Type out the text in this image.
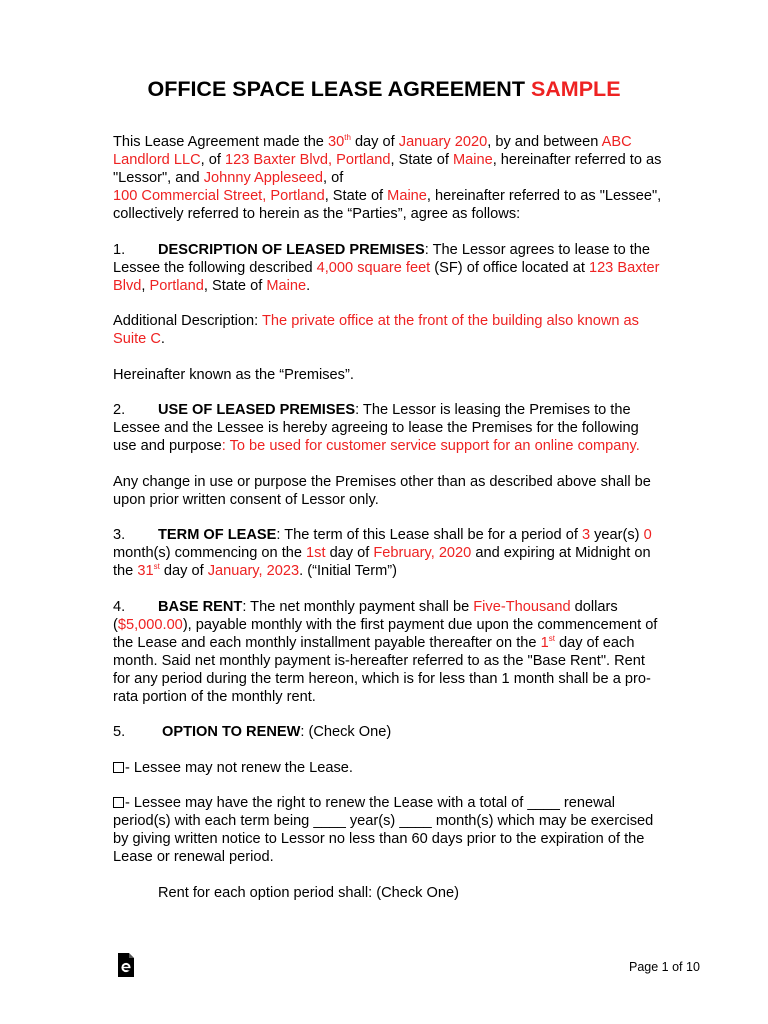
OFFICE SPACE LEASE AGREEMENT SAMPLE

This Lease Agreement made the 30th day of January 2020, by and between ABC Landlord LLC, of 123 Baxter Blvd, Portland, State of Maine, hereinafter referred to as "Lessor", and Johnny Appleseed, of
100 Commercial Street, Portland, State of Maine, hereinafter referred to as "Lessee", collectively referred to herein as the “Parties”, agree as follows:

1. DESCRIPTION OF LEASED PREMISES: The Lessor agrees to lease to the Lessee the following described 4,000 square feet (SF) of office located at 123 Baxter Blvd, Portland, State of Maine.

Additional Description: The private office at the front of the building also known as Suite C.

Hereinafter known as the “Premises”.

2. USE OF LEASED PREMISES: The Lessor is leasing the Premises to the Lessee and the Lessee is hereby agreeing to lease the Premises for the following use and purpose: To be used for customer service support for an online company.

Any change in use or purpose the Premises other than as described above shall be upon prior written consent of Lessor only.

3. TERM OF LEASE: The term of this Lease shall be for a period of 3 year(s) 0 month(s) commencing on the 1st day of February, 2020 and expiring at Midnight on the 31st day of January, 2023. (“Initial Term”)

4. BASE RENT: The net monthly payment shall be Five-Thousand dollars ($5,000.00), payable monthly with the first payment due upon the commencement of the Lease and each monthly installment payable thereafter on the 1st day of each month. Said net monthly payment is-hereafter referred to as the "Base Rent". Rent for any period during the term hereon, which is for less than 1 month shall be a pro-rata portion of the monthly rent.

5.	OPTION TO RENEW: (Check One)

- Lessee may not renew the Lease.

- Lessee may have the right to renew the Lease with a total of ____ renewal period(s) with each term being ____ year(s) ____ month(s) which may be exercised by giving written notice to Lessor no less than 60 days prior to the expiration of the Lease or renewal period.

Rent for each option period shall: (Check One)

Page 1 of 10
